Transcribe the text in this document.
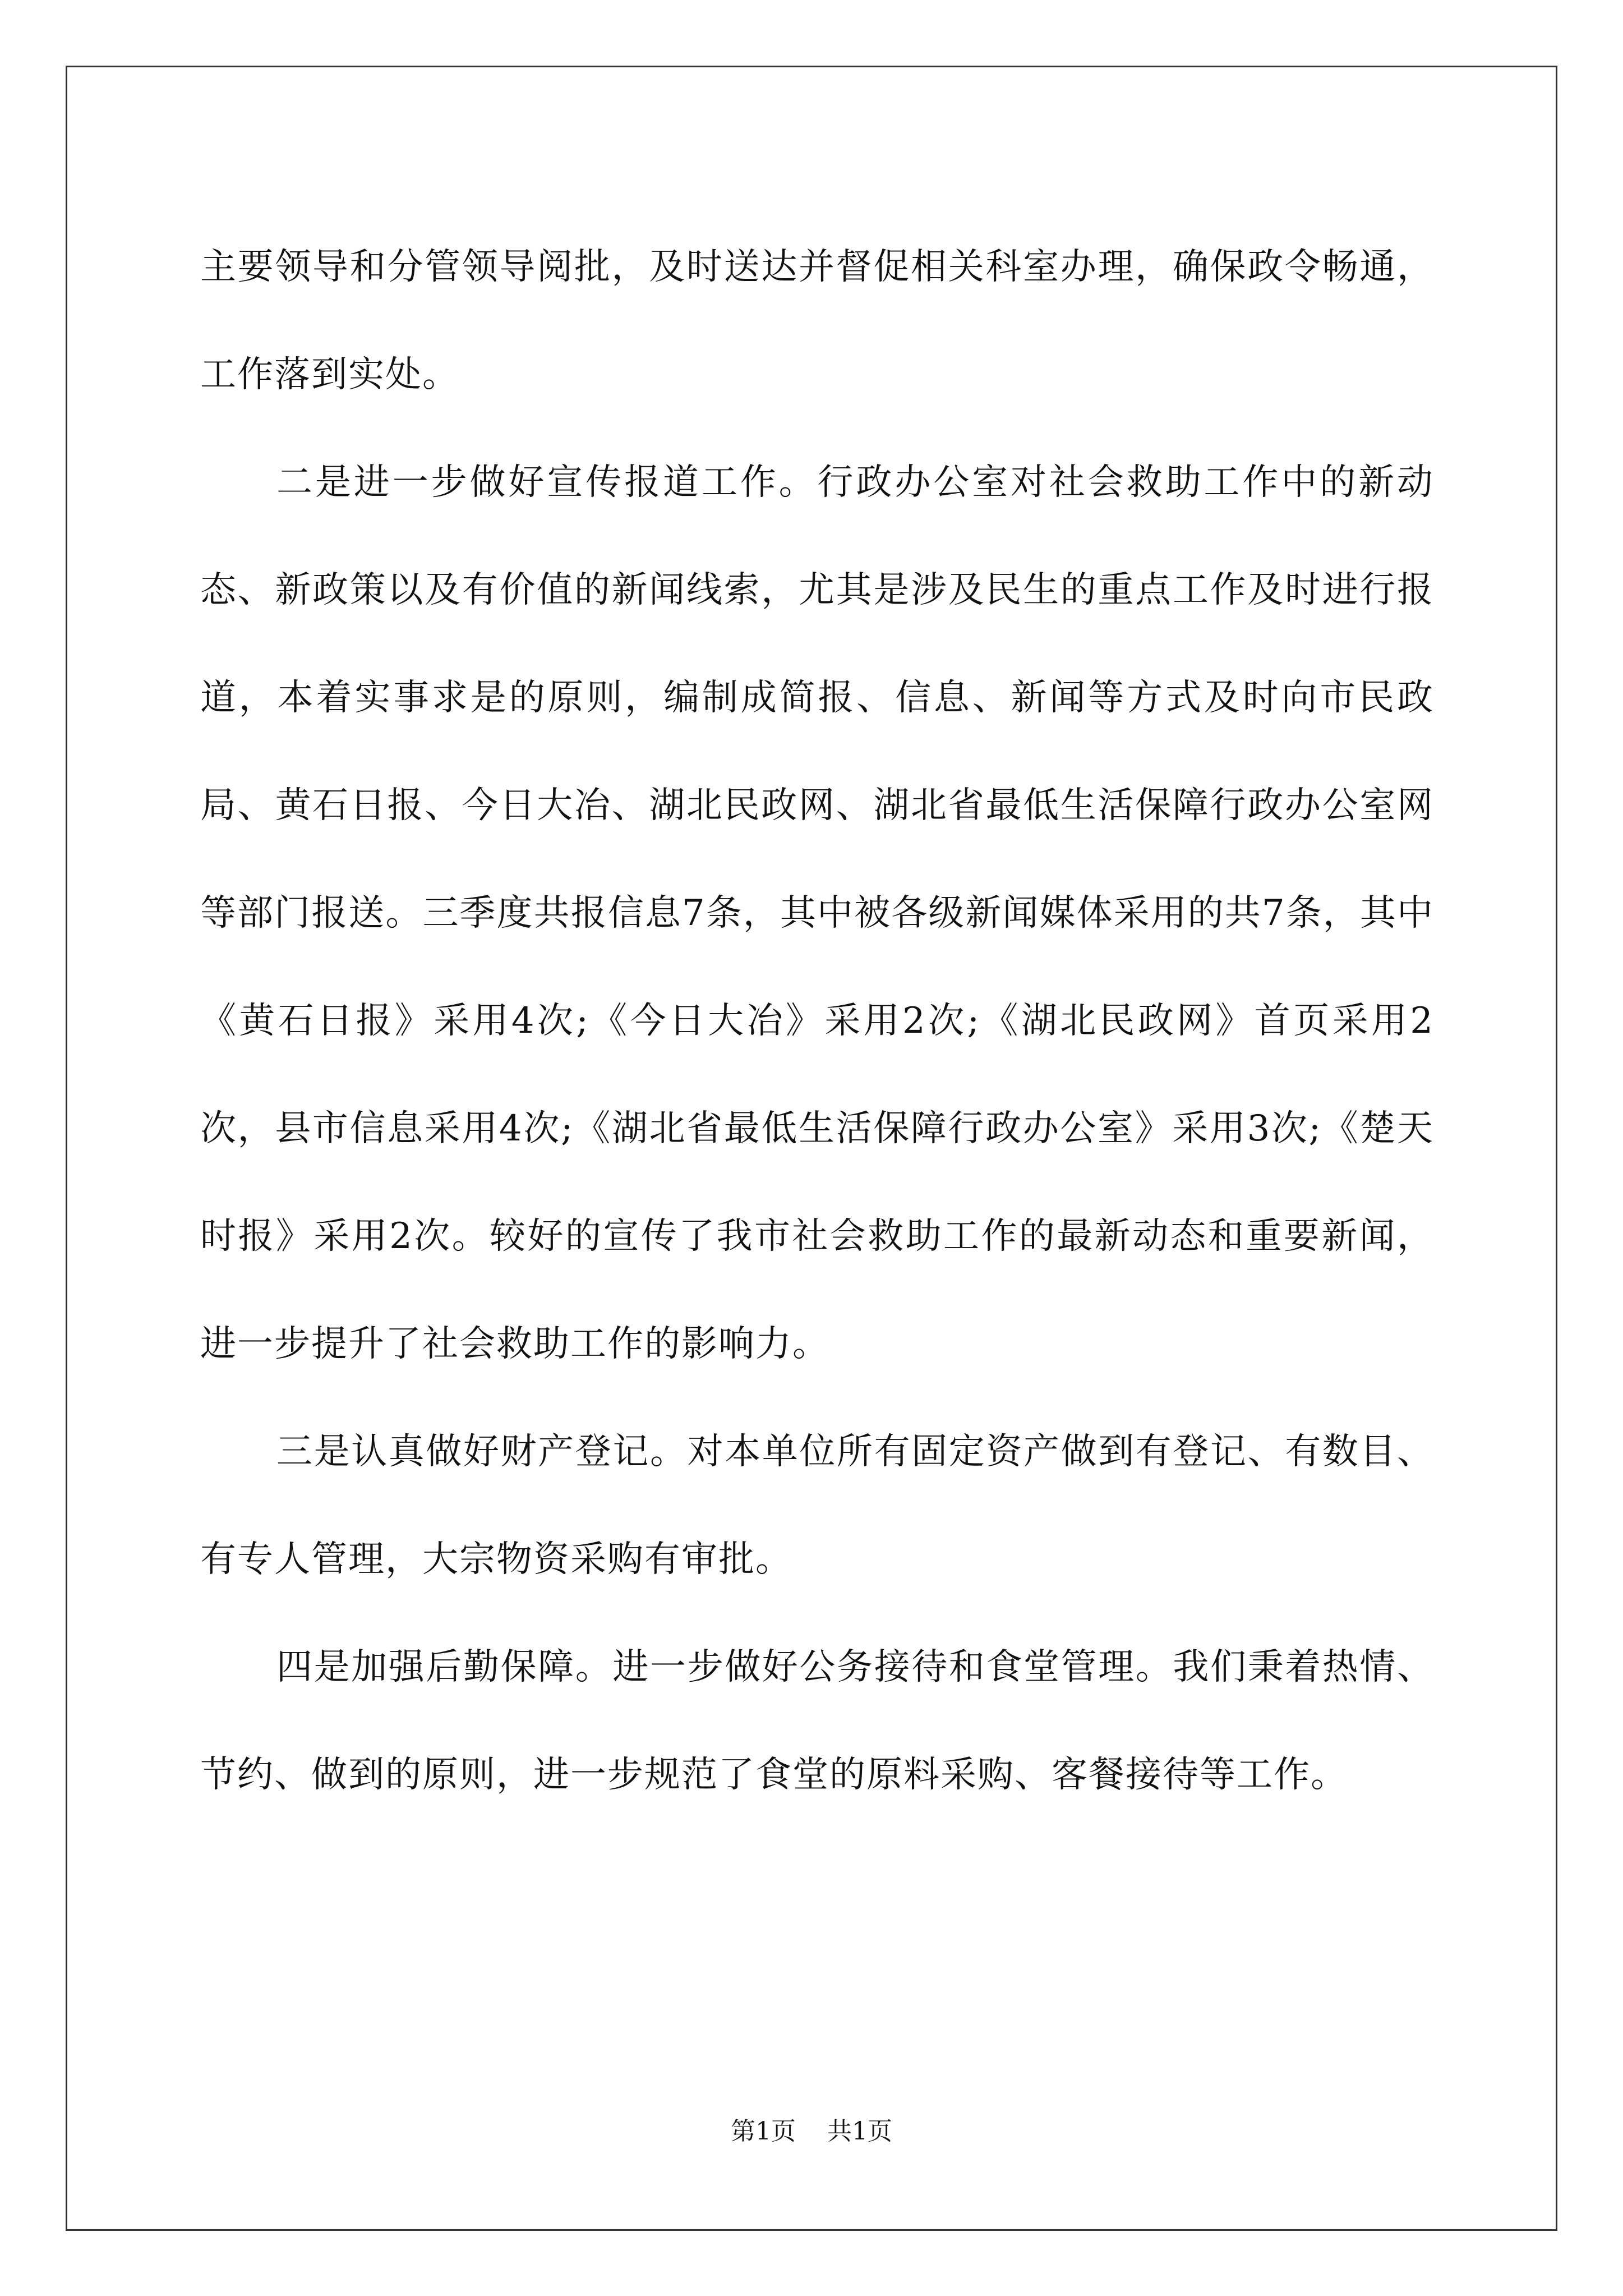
主要领导和分管领导阅批，及时送达并督促相关科室办理，确保政令畅通，工作落到实处。

二是进一步做好宣传报道工作。行政办公室对社会救助工作中的新动态、新政策以及有价值的新闻线索，尤其是涉及民生的重点工作及时进行报道，本着实事求是的原则，编制成简报、信息、新闻等方式及时向市民政局、黄石日报、今日大冶、湖北民政网、湖北省最低生活保障行政办公室网等部门报送。三季度共报信息7条，其中被各级新闻媒体采用的共7条，其中《黄石日报》采用4次;《今日大冶》采用2次;《湖北民政网》首页采用2次，县市信息采用4次;《湖北省最低生活保障行政办公室》采用3次;《楚天时报》采用2次。较好的宣传了我市社会救助工作的最新动态和重要新闻，进一步提升了社会救助工作的影响力。

三是认真做好财产登记。对本单位所有固定资产做到有登记、有数目、有专人管理，大宗物资采购有审批。

四是加强后勤保障。进一步做好公务接待和食堂管理。我们秉着热情、节约、做到的原则，进一步规范了食堂的原料采购、客餐接待等工作。

第1页 共1页
